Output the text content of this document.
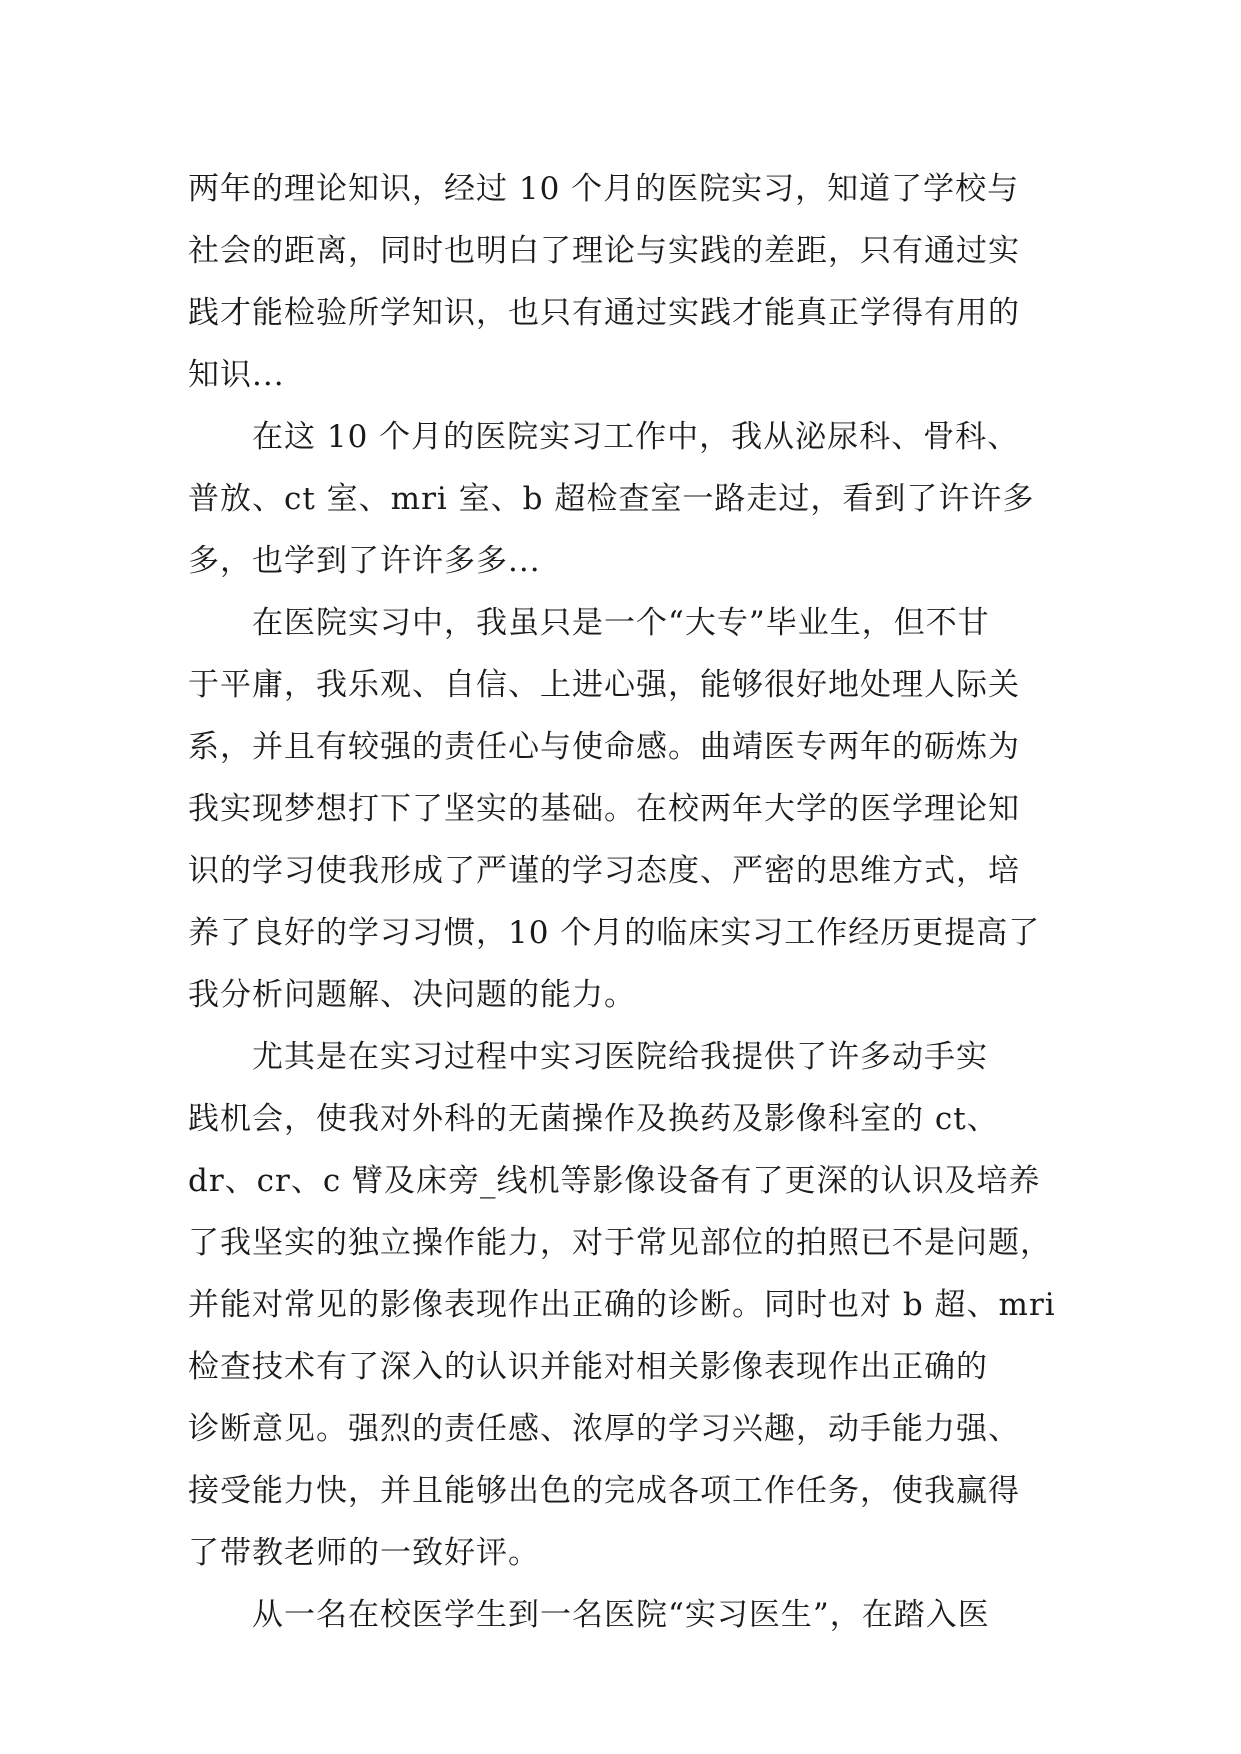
两年的理论知识，经过 10 个月的医院实习，知道了学校与
社会的距离，同时也明白了理论与实践的差距，只有通过实
践才能检验所学知识，也只有通过实践才能真正学得有用的
知识...
在这 10 个月的医院实习工作中，我从泌尿科、骨科、
普放、ct 室、mri 室、b 超检查室一路走过，看到了许许多
多，也学到了许许多多...
在医院实习中，我虽只是一个“大专”毕业生，但不甘
于平庸，我乐观、自信、上进心强，能够很好地处理人际关
系，并且有较强的责任心与使命感。曲靖医专两年的砺炼为
我实现梦想打下了坚实的基础。在校两年大学的医学理论知
识的学习使我形成了严谨的学习态度、严密的思维方式，培
养了良好的学习习惯，10 个月的临床实习工作经历更提高了
我分析问题解、决问题的能力。
尤其是在实习过程中实习医院给我提供了许多动手实
践机会，使我对外科的无菌操作及换药及影像科室的 ct、
dr、cr、c 臂及床旁_线机等影像设备有了更深的认识及培养
了我坚实的独立操作能力，对于常见部位的拍照已不是问题，
并能对常见的影像表现作出正确的诊断。同时也对 b 超、mri
检查技术有了深入的认识并能对相关影像表现作出正确的
诊断意见。强烈的责任感、浓厚的学习兴趣，动手能力强、
接受能力快，并且能够出色的完成各项工作任务，使我赢得
了带教老师的一致好评。
从一名在校医学生到一名医院“实习医生”，在踏入医
